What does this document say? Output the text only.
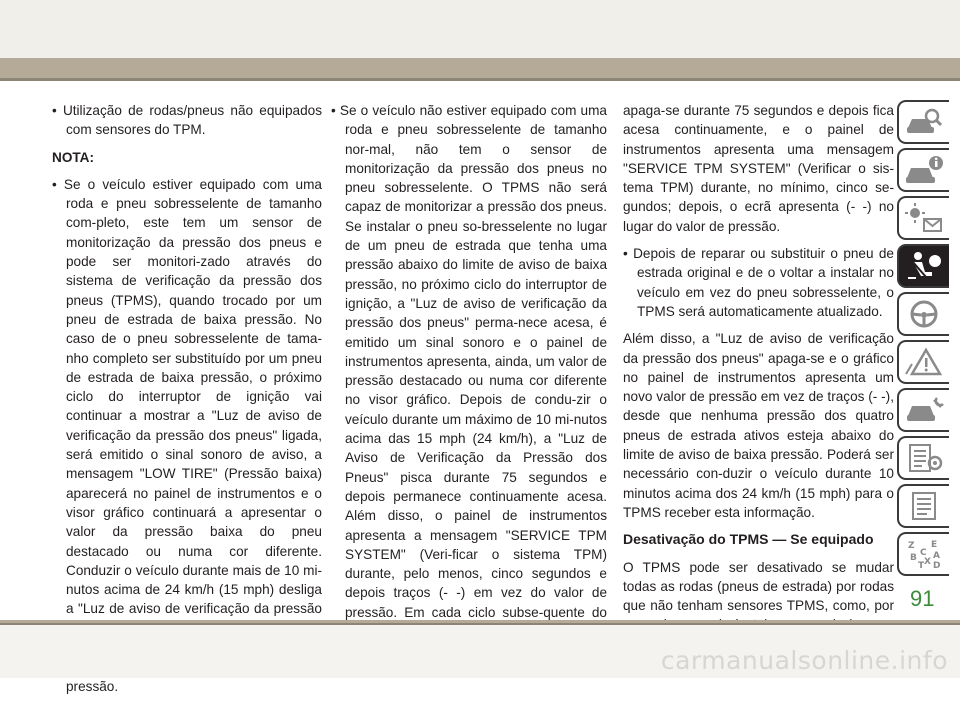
• Utilização de rodas/pneus não equipados com sensores do TPM.

NOTA:

• Se o veículo estiver equipado com uma roda e pneu sobresselente de tamanho com-pleto, este tem um sensor de monitorização da pressão dos pneus e pode ser monitori-zado através do sistema de verificação da pressão dos pneus (TPMS), quando trocado por um pneu de estrada de baixa pressão. No caso de o pneu sobresselente de tama-nho completo ser substituído por um pneu de estrada de baixa pressão, o próximo ciclo do interruptor de ignição vai continuar a mostrar a "Luz de aviso de verificação da pressão dos pneus" ligada, será emitido o sinal sonoro de aviso, a mensagem "LOW TIRE" (Pressão baixa) aparecerá no painel de instrumentos e o visor gráfico continuará a apresentar o valor da pressão baixa do pneu destacado ou numa cor diferente. Conduzir o veículo durante mais de 10 mi-nutos acima de 24 km/h (15 mph) desliga a "Luz de aviso de verificação da pressão pressão.

• Se o veículo não estiver equipado com uma roda e pneu sobresselente de tamanho nor-mal, não tem o sensor de monitorização da pressão dos pneus no pneu sobresselente. O TPMS não será capaz de monitorizar a pressão dos pneus. Se instalar o pneu so-bresselente no lugar de um pneu de estrada que tenha uma pressão abaixo do limite de aviso de baixa pressão, no próximo ciclo do interruptor de ignição, a "Luz de aviso de verificação da pressão dos pneus" perma-nece acesa, é emitido um sinal sonoro e o painel de instrumentos apresenta, ainda, um valor de pressão destacado ou numa cor diferente no visor gráfico. Depois de condu-zir o veículo durante um máximo de 10 mi-nutos acima das 15 mph (24 km/h), a "Luz de Aviso de Verificação da Pressão dos Pneus" pisca durante 75 segundos e depois permanece continuamente acesa. Além disso, o painel de instrumentos apresenta a mensagem "SERVICE TPM SYSTEM" (Veri-ficar o sistema TPM) durante, pelo menos, cinco segundos e depois traços (- -) em vez do valor de pressão. Em cada ciclo subse-quente do

apaga-se durante 75 segundos e depois fica acesa continuamente, e o painel de instrumentos apresenta uma mensagem "SERVICE TPM SYSTEM" (Verificar o sis-tema TPM) durante, no mínimo, cinco se-gundos; depois, o ecrã apresenta (- -) no lugar do valor de pressão.

• Depois de reparar ou substituir o pneu de estrada original e de o voltar a instalar no veículo em vez do pneu sobresselente, o TPMS será automaticamente atualizado.

Além disso, a "Luz de aviso de verificação da pressão dos pneus" apaga-se e o gráfico no painel de instrumentos apresenta um novo valor de pressão em vez de traços (- -), desde que nenhuma pressão dos quatro pneus de estrada ativos esteja abaixo do limite de aviso de baixa pressão. Poderá ser necessário con-duzir o veículo durante 10 minutos acima dos 24 km/h (15 mph) para o TPMS receber esta informação.

Desativação do TPMS — Se equipado

O TPMS pode ser desativado se mudar todas as rodas (pneus de estrada) por rodas que não tenham sensores TPMS, como, por

Z E
B A
C
D
T X
91
carmanualsonline.info
